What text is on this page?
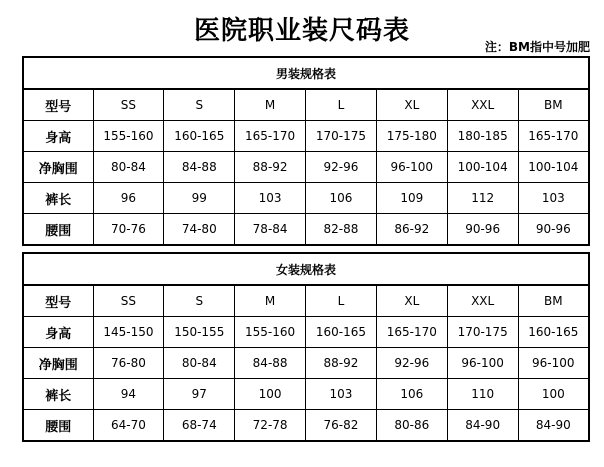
医院职业装尺码表
注：BM指中号加肥
男装规格表							
型号	SS	S	M	L	XL	XXL	BM
身高	155-160	160-165	165-170	170-175	175-180	180-185	165-170
净胸围	80-84	84-88	88-92	92-96	96-100	100-104	100-104
裤长	96	99	103	106	109	112	103
腰围	70-76	74-80	78-84	82-88	86-92	90-96	90-96
女装规格表							
型号	SS	S	M	L	XL	XXL	BM
身高	145-150	150-155	155-160	160-165	165-170	170-175	160-165
净胸围	76-80	80-84	84-88	88-92	92-96	96-100	96-100
裤长	94	97	100	103	106	110	100
腰围	64-70	68-74	72-78	76-82	80-86	84-90	84-90
